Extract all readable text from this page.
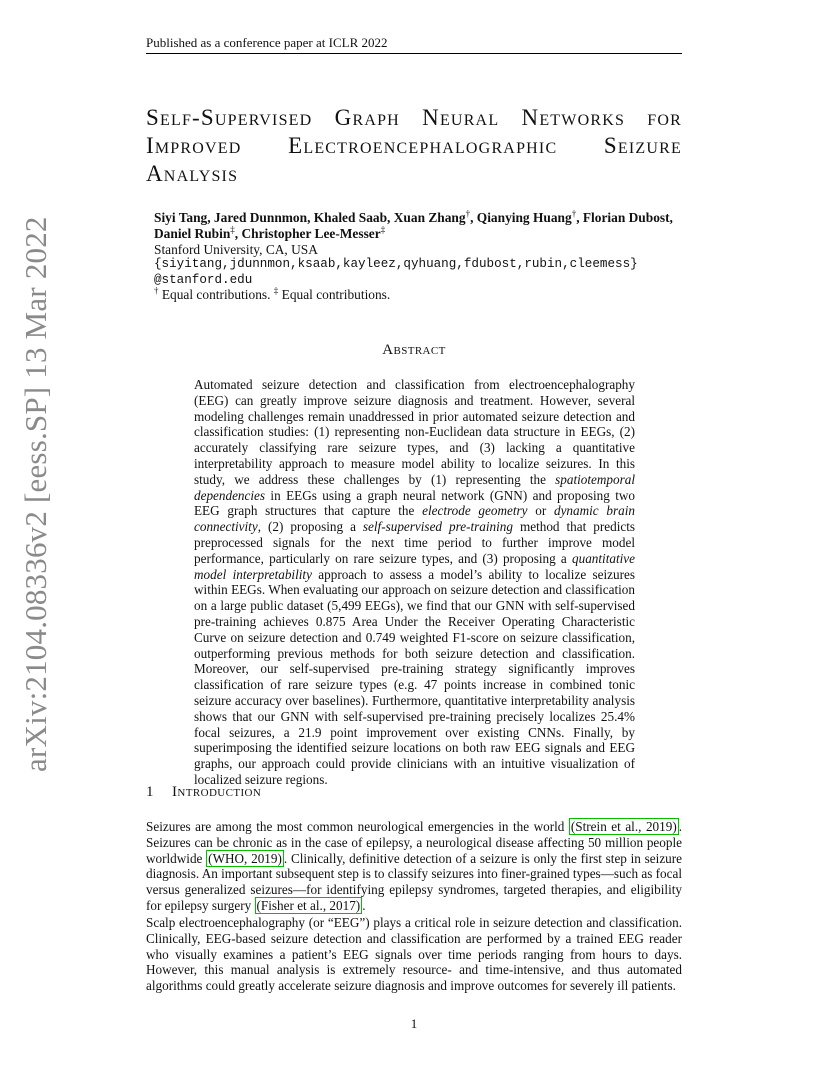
Published as a conference paper at ICLR 2022
arXiv:2104.08336v2 [eess.SP] 13 Mar 2022
Self-Supervised Graph Neural Networks for
Improved Electroencephalographic Seizure
Analysis
Siyi Tang, Jared Dunnmon, Khaled Saab, Xuan Zhang†, Qianying Huang†, Florian Dubost,
Daniel Rubin‡, Christopher Lee-Messer‡
Stanford University, CA, USA
{siyitang,jdunnmon,ksaab,kayleez,qyhuang,fdubost,rubin,cleemess}
@stanford.edu
† Equal contributions. ‡ Equal contributions.
Abstract
Automated seizure detection and classification from electroencephalography (EEG) can greatly improve seizure diagnosis and treatment. However, several modeling challenges remain unaddressed in prior automated seizure detection and classification studies: (1) representing non-Euclidean data structure in EEGs, (2) accurately classifying rare seizure types, and (3) lacking a quantitative interpretability approach to measure model ability to localize seizures. In this study, we address these challenges by (1) representing the spatiotemporal dependencies in EEGs using a graph neural network (GNN) and proposing two EEG graph structures that capture the electrode geometry or dynamic brain connectivity, (2) proposing a self-supervised pre-training method that predicts preprocessed signals for the next time period to further improve model performance, particularly on rare seizure types, and (3) proposing a quantitative model interpretability approach to assess a model’s ability to localize seizures within EEGs. When evaluating our approach on seizure detection and classification on a large public dataset (5,499 EEGs), we find that our GNN with self-supervised pre-training achieves 0.875 Area Under the Receiver Operating Characteristic Curve on seizure detection and 0.749 weighted F1-score on seizure classification, outperforming previous methods for both seizure detection and classification. Moreover, our self-supervised pre-training strategy significantly improves classification of rare seizure types (e.g. 47 points increase in combined tonic seizure accuracy over baselines). Furthermore, quantitative interpretability analysis shows that our GNN with self-supervised pre-training precisely localizes 25.4% focal seizures, a 21.9 point improvement over existing CNNs. Finally, by superimposing the identified seizure locations on both raw EEG signals and EEG graphs, our approach could provide clinicians with an intuitive visualization of localized seizure regions.
1 Introduction
Seizures are among the most common neurological emergencies in the world (Strein et al., 2019) . Seizures can be chronic as in the case of epilepsy, a neurological disease affecting 50 million people worldwide (WHO, 2019) . Clinically, definitive detection of a seizure is only the first step in seizure diagnosis. An important subsequent step is to classify seizures into finer-grained types—such as focal versus generalized seizures—for identifying epilepsy syndromes, targeted therapies, and eligibility for epilepsy surgery (Fisher et al., 2017) .
Scalp electroencephalography (or “EEG”) plays a critical role in seizure detection and classification. Clinically, EEG-based seizure detection and classification are performed by a trained EEG reader who visually examines a patient’s EEG signals over time periods ranging from hours to days. However, this manual analysis is extremely resource- and time-intensive, and thus automated algorithms could greatly accelerate seizure diagnosis and improve outcomes for severely ill patients.
1
